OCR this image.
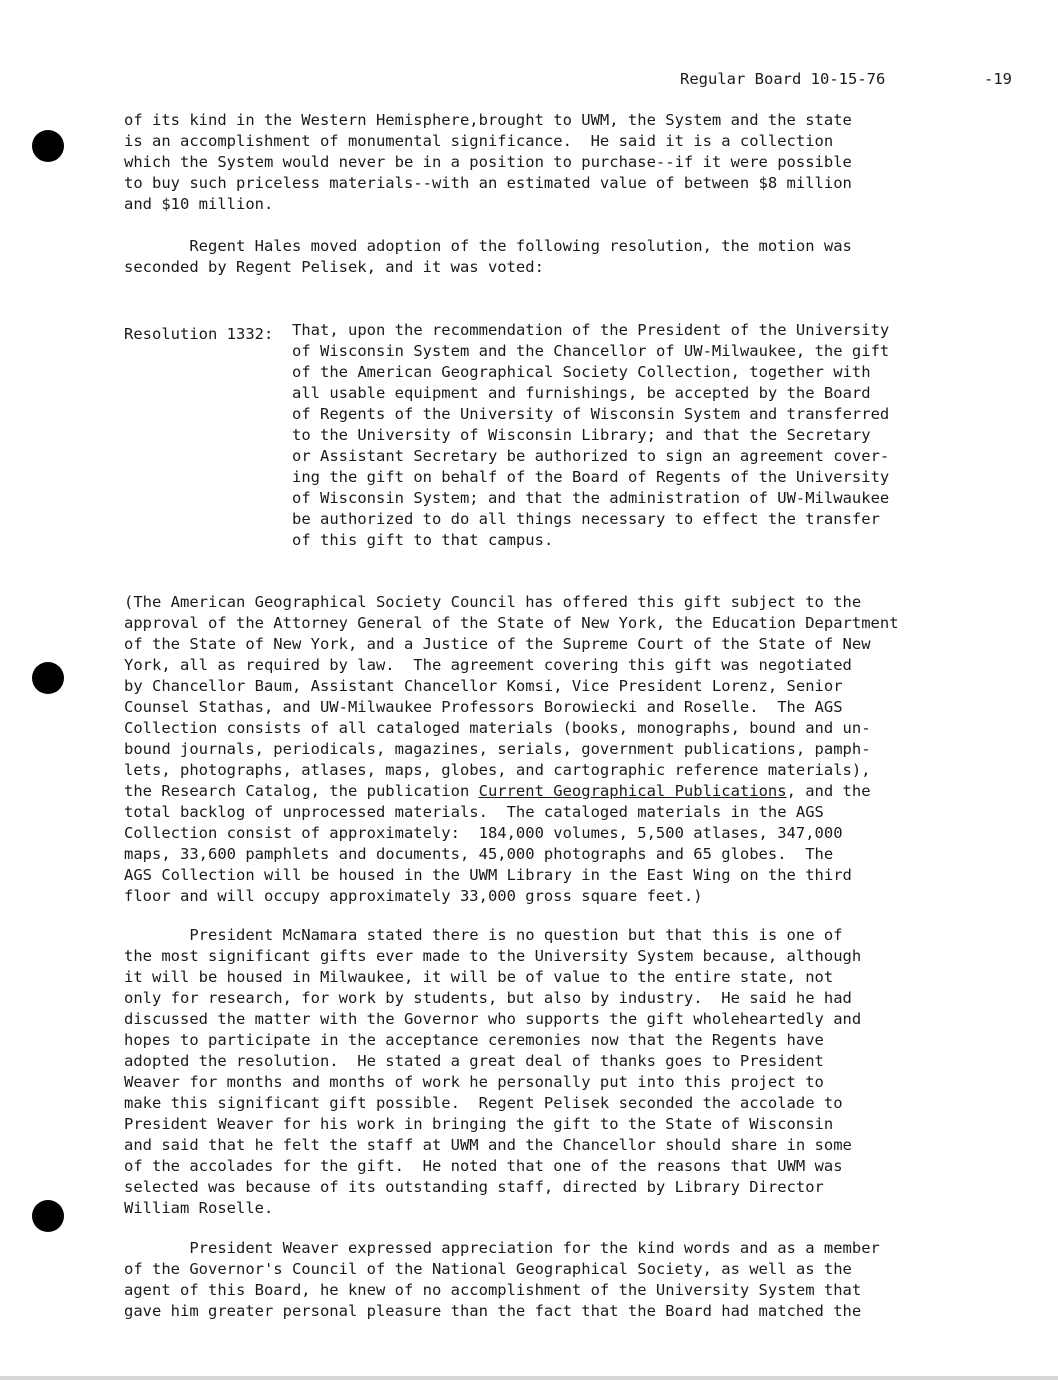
Regular Board 10-15-76	-19
of its kind in the Western Hemisphere,brought to UWM, the System and the state
is an accomplishment of monumental significance.  He said it is a collection
which the System would never be in a position to purchase--if it were possible
to buy such priceless materials--with an estimated value of between $8 million
and $10 million.
Regent Hales moved adoption of the following resolution, the motion was
seconded by Regent Pelisek, and it was voted:
Resolution 1332: That, upon the recommendation of the President of the University
of Wisconsin System and the Chancellor of UW-Milwaukee, the gift
of the American Geographical Society Collection, together with
all usable equipment and furnishings, be accepted by the Board
of Regents of the University of Wisconsin System and transferred
to the University of Wisconsin Library; and that the Secretary
or Assistant Secretary be authorized to sign an agreement cover-
ing the gift on behalf of the Board of Regents of the University
of Wisconsin System; and that the administration of UW-Milwaukee
be authorized to do all things necessary to effect the transfer
of this gift to that campus.
(The American Geographical Society Council has offered this gift subject to the
approval of the Attorney General of the State of New York, the Education Department
of the State of New York, and a Justice of the Supreme Court of the State of New
York, all as required by law.  The agreement covering this gift was negotiated
by Chancellor Baum, Assistant Chancellor Komsi, Vice President Lorenz, Senior
Counsel Stathas, and UW-Milwaukee Professors Borowiecki and Roselle.  The AGS
Collection consists of all cataloged materials (books, monographs, bound and un-
bound journals, periodicals, magazines, serials, government publications, pamph-
lets, photographs, atlases, maps, globes, and cartographic reference materials),
the Research Catalog, the publication Current Geographical Publications, and the
total backlog of unprocessed materials.  The cataloged materials in the AGS
Collection consist of approximately:  184,000 volumes, 5,500 atlases, 347,000
maps, 33,600 pamphlets and documents, 45,000 photographs and 65 globes.  The
AGS Collection will be housed in the UWM Library in the East Wing on the third
floor and will occupy approximately 33,000 gross square feet.)
President McNamara stated there is no question but that this is one of
the most significant gifts ever made to the University System because, although
it will be housed in Milwaukee, it will be of value to the entire state, not
only for research, for work by students, but also by industry.  He said he had
discussed the matter with the Governor who supports the gift wholeheartedly and
hopes to participate in the acceptance ceremonies now that the Regents have
adopted the resolution.  He stated a great deal of thanks goes to President
Weaver for months and months of work he personally put into this project to
make this significant gift possible.  Regent Pelisek seconded the accolade to
President Weaver for his work in bringing the gift to the State of Wisconsin
and said that he felt the staff at UWM and the Chancellor should share in some
of the accolades for the gift.  He noted that one of the reasons that UWM was
selected was because of its outstanding staff, directed by Library Director
William Roselle.
President Weaver expressed appreciation for the kind words and as a member
of the Governor's Council of the National Geographical Society, as well as the
agent of this Board, he knew of no accomplishment of the University System that
gave him greater personal pleasure than the fact that the Board had matched the
